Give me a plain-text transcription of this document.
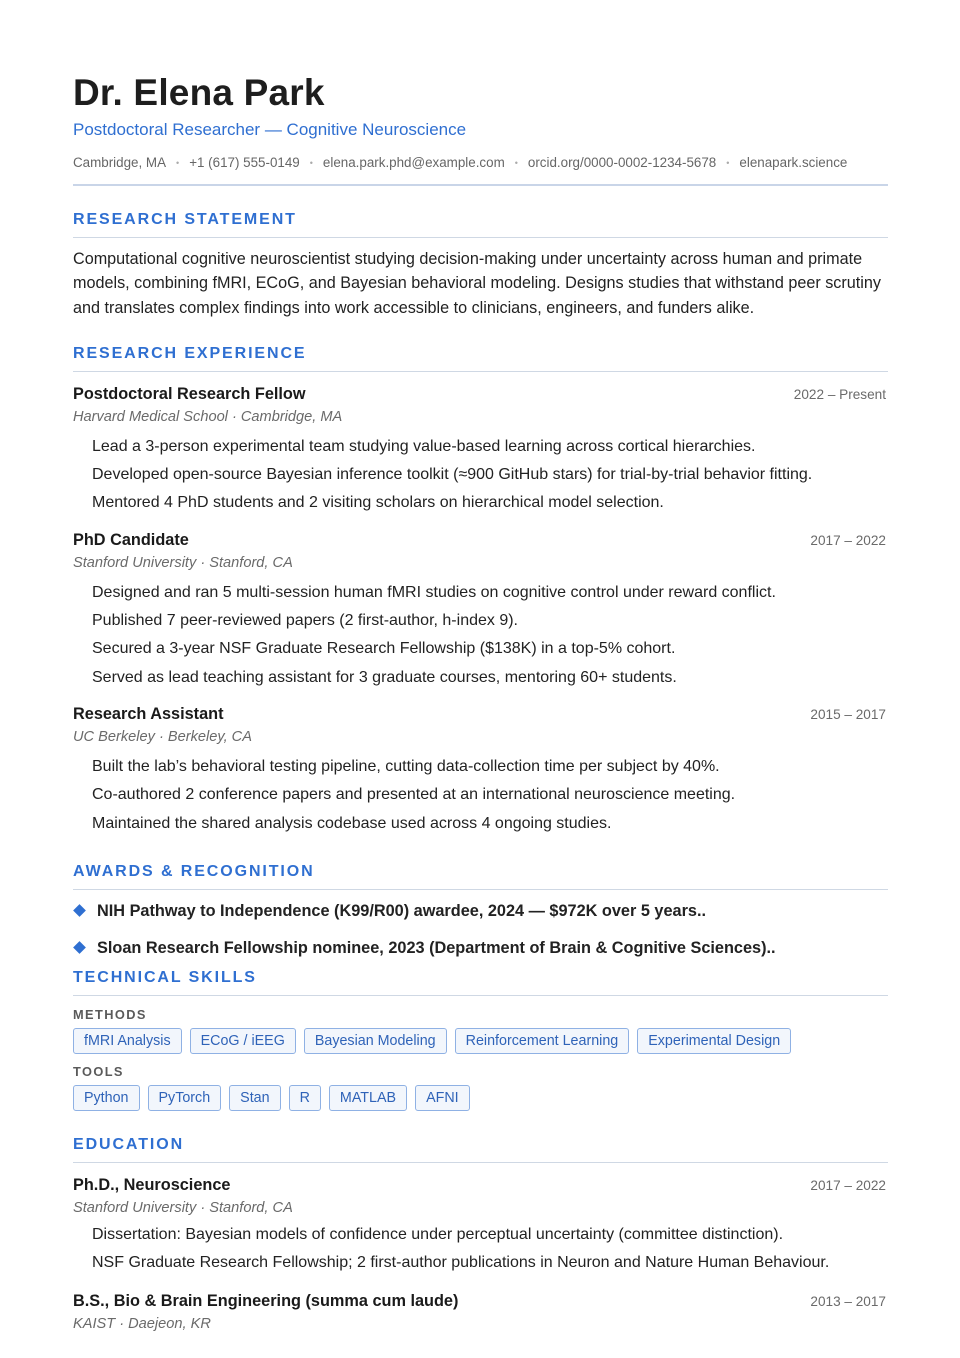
Dr. Elena Park
Postdoctoral Researcher — Cognitive Neuroscience
Cambridge, MA • +1 (617) 555-0149 • elena.park.phd@example.com • orcid.org/0000-0002-1234-5678 • elenapark.science
RESEARCH STATEMENT

Computational cognitive neuroscientist studying decision-making under uncertainty across human and primate models, combining fMRI, ECoG, and Bayesian behavioral modeling. Designs studies that withstand peer scrutiny and translates complex findings into work accessible to clinicians, engineers, and funders alike.

RESEARCH EXPERIENCE
Postdoctoral Research Fellow	2022 – Present
Harvard Medical School · Cambridge, MA
Lead a 3-person experimental team studying value-based learning across cortical hierarchies.
Developed open-source Bayesian inference toolkit (≈900 GitHub stars) for trial-by-trial behavior fitting.
Mentored 4 PhD students and 2 visiting scholars on hierarchical model selection.
PhD Candidate	2017 – 2022
Stanford University · Stanford, CA
Designed and ran 5 multi-session human fMRI studies on cognitive control under reward conflict.
Published 7 peer-reviewed papers (2 first-author, h-index 9).
Secured a 3-year NSF Graduate Research Fellowship ($138K) in a top-5% cohort.
Served as lead teaching assistant for 3 graduate courses, mentoring 60+ students.
Research Assistant	2015 – 2017
UC Berkeley · Berkeley, CA
Built the lab’s behavioral testing pipeline, cutting data-collection time per subject by 40%.
Co-authored 2 conference papers and presented at an international neuroscience meeting.
Maintained the shared analysis codebase used across 4 ongoing studies.
AWARDS & RECOGNITION
NIH Pathway to Independence (K99/R00) awardee, 2024 — $972K over 5 years..
Sloan Research Fellowship nominee, 2023 (Department of Brain & Cognitive Sciences)..
TECHNICAL SKILLS
METHODS
fMRI Analysis	ECoG / iEEG	Bayesian Modeling	Reinforcement Learning	Experimental Design
TOOLS
Python	PyTorch	Stan	R	MATLAB	AFNI
EDUCATION
Ph.D., Neuroscience	2017 – 2022
Stanford University · Stanford, CA
Dissertation: Bayesian models of confidence under perceptual uncertainty (committee distinction).
NSF Graduate Research Fellowship; 2 first-author publications in Neuron and Nature Human Behaviour.
B.S., Bio & Brain Engineering (summa cum laude)	2013 – 2017
KAIST · Daejeon, KR
